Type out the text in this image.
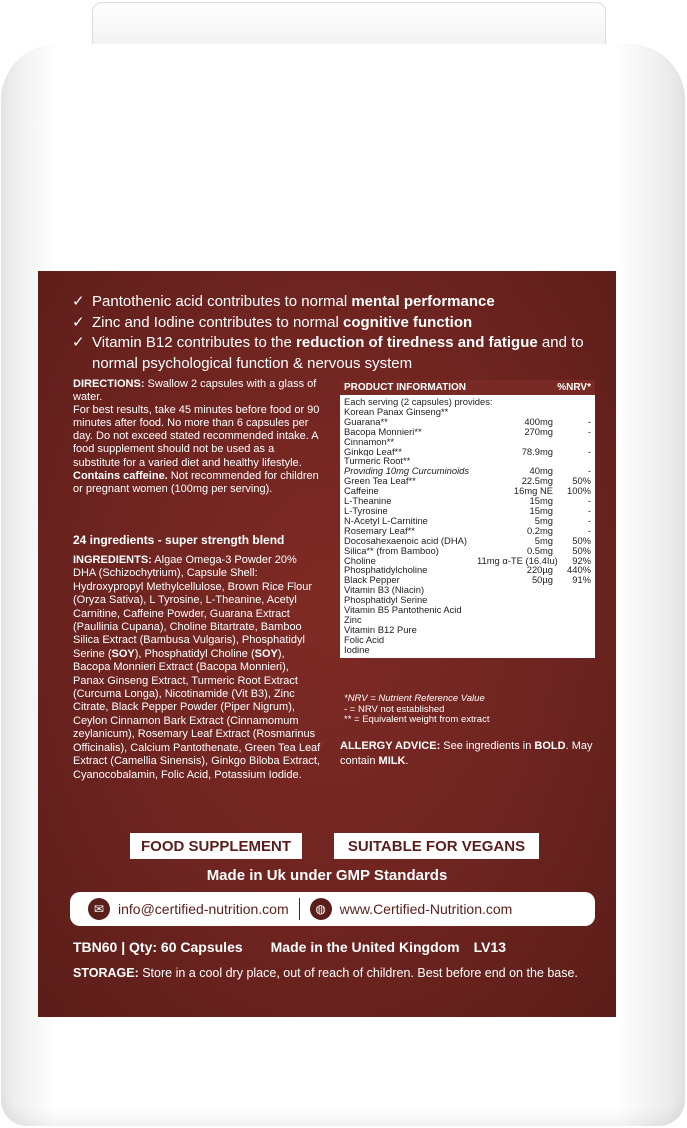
✓ Pantothenic acid contributes to normal mental performance
✓ Zinc and Iodine contributes to normal cognitive function
✓ Vitamin B12 contributes to the reduction of tiredness and fatigue and to normal psychological function & nervous system

DIRECTIONS: Swallow 2 capsules with a glass of water.

For best results, take 45 minutes before food or 90 minutes after food. No more than 6 capsules per day. Do not exceed stated recommended intake. A food supplement should not be used as a substitute for a varied diet and healthy lifestyle.

Contains caffeine. Not recommended for children or pregnant women (100mg per serving).

24 ingredients - super strength blend
INGREDIENTS: Algae Omega-3 Powder 20% DHA (Schizochytrium), Capsule Shell: Hydroxypropyl Methylcellulose, Brown Rice Flour (Oryza Sativa), L Tyrosine, L-Theanine, Acetyl Carnitine, Caffeine Powder, Guarana Extract (Paullinia Cupana), Choline Bitartrate, Bamboo Silica Extract (Bambusa Vulgaris), Phosphatidyl Serine (SOY), Phosphatidyl Choline (SOY), Bacopa Monnieri Extract (Bacopa Monnieri), Panax Ginseng Extract, Turmeric Root Extract (Curcuma Longa), Nicotinamide (Vit B3), Zinc Citrate, Black Pepper Powder (Piper Nigrum), Ceylon Cinnamon Bark Extract (Cinnamomum zeylanicum), Rosemary Leaf Extract (Rosmarinus Officinalis), Calcium Pantothenate, Green Tea Leaf Extract (Camellia Sinensis), Ginkgo Biloba Extract, Cyanocobalamin, Folic Acid, Potassium Iodide.
PRODUCT INFORMATION	%NRV*
Each serving (2 capsules) provides:
Korean Panax Ginseng**
Guarana**	400mg	-
Bacopa Monnieri**	270mg	-
Cinnamon**
Ginkgo Leaf**	78.9mg	-
Turmeric Root**
Providing 10mg Curcuminoids	40mg	-
Green Tea Leaf**	22.5mg	50%
Caffeine	16mg NE	100%
L-Theanine	15mg	-
L-Tyrosine	15mg	-
N-Acetyl L-Carnitine	5mg	-
Rosemary Leaf**	0.2mg	-
Docosahexaenoic acid (DHA)	5mg	50%
Silica** (from Bamboo)	0.5mg	50%
Choline	11mg α-TE (16.4Iu)	92%
Phosphatidylcholine	220µg	440%
Black Pepper	50µg	91%
Vitamin B3 (Niacin)
Phosphatidyl Serine
Vitamin B5 Pantothenic Acid
Zinc
Vitamin B12 Pure
Folic Acid
Iodine
*NRV = Nutrient Reference Value
- = NRV not established
** = Equivalent weight from extract
ALLERGY ADVICE: See ingredients in BOLD. May contain MILK.
FOOD SUPPLEMENT	SUITABLE FOR VEGANS
Made in Uk under GMP Standards
✉ info@certified-nutrition.com	◍ www.Certified-Nutrition.com
TBN60 | Qty: 60 Capsules Made in the United Kingdom LV13
STORAGE: Store in a cool dry place, out of reach of children. Best before end on the base.
